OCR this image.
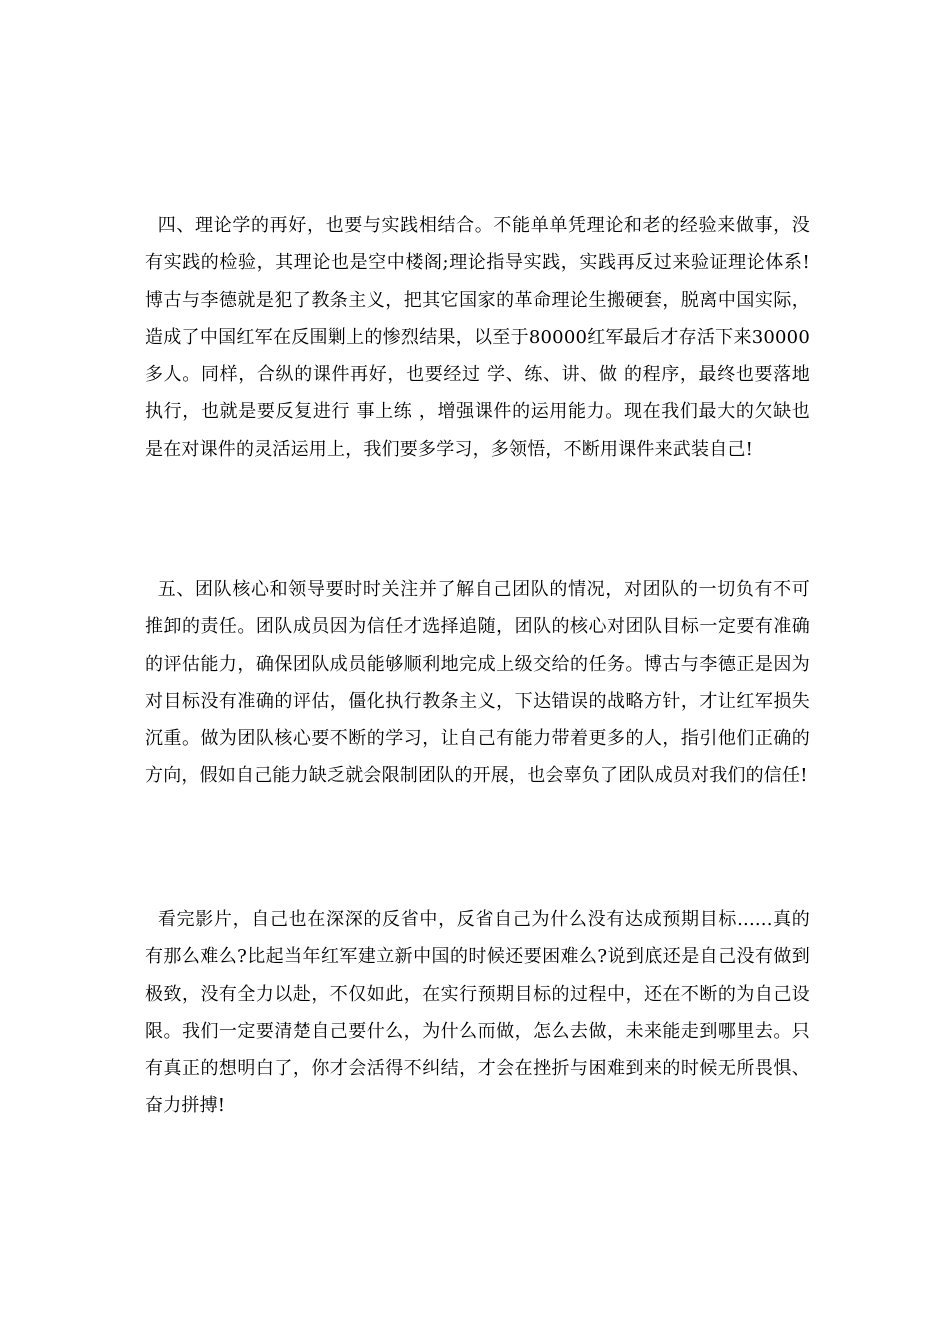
四、理论学的再好，也要与实践相结合。不能单单凭理论和老的经验来做事，没有实践的检验，其理论也是空中楼阁;理论指导实践，实践再反过来验证理论体系!博古与李德就是犯了教条主义，把其它国家的革命理论生搬硬套，脱离中国实际，造成了中国红军在反围剿上的惨烈结果，以至于80000红军最后才存活下来30000多人。同样，合纵的课件再好，也要经过 学、练、讲、做 的程序，最终也要落地执行，也就是要反复进行 事上练 ，增强课件的运用能力。现在我们最大的欠缺也是在对课件的灵活运用上，我们要多学习，多领悟，不断用课件来武装自己!

五、团队核心和领导要时时关注并了解自己团队的情况，对团队的一切负有不可推卸的责任。团队成员因为信任才选择追随，团队的核心对团队目标一定要有准确的评估能力，确保团队成员能够顺利地完成上级交给的任务。博古与李德正是因为对目标没有准确的评估，僵化执行教条主义，下达错误的战略方针，才让红军损失沉重。做为团队核心要不断的学习，让自己有能力带着更多的人，指引他们正确的方向，假如自己能力缺乏就会限制团队的开展，也会辜负了团队成员对我们的信任!

看完影片，自己也在深深的反省中，反省自己为什么没有达成预期目标......真的有那么难么?比起当年红军建立新中国的时候还要困难么?说到底还是自己没有做到极致，没有全力以赴，不仅如此，在实行预期目标的过程中，还在不断的为自己设限。我们一定要清楚自己要什么，为什么而做，怎么去做，未来能走到哪里去。只有真正的想明白了，你才会活得不纠结，才会在挫折与困难到来的时候无所畏惧、奋力拼搏!
